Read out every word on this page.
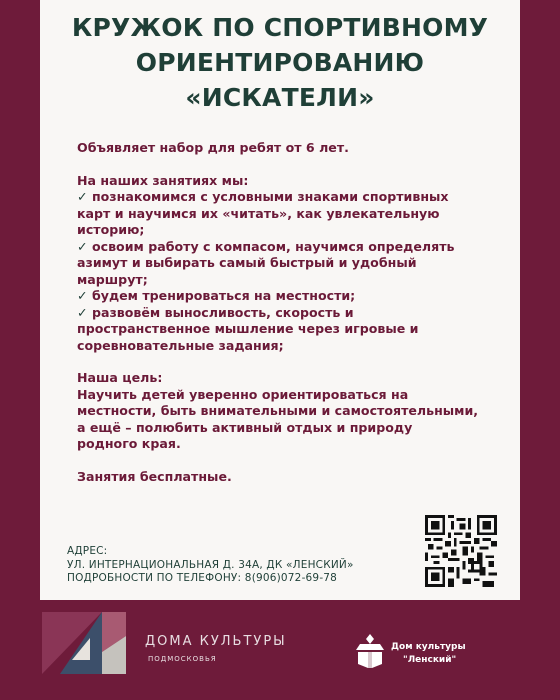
КРУЖОК ПО СПОРТИВНОМУ
ОРИЕНТИРОВАНИЮ
«ИСКАТЕЛИ»

Объявляет набор для ребят от 6 лет.

На наших занятиях мы:
✓ познакомимся с условными знаками спортивных
карт и научимся их «читать», как увлекательную
историю;
✓ освоим работу с компасом, научимся определять
азимут и выбирать самый быстрый и удобный
маршрут;
✓ будем тренироваться на местности;
✓ развовём выносливость, скорость и
пространственное мышление через игровые и
соревновательные задания;
Наша цель:
Научить детей уверенно ориентироваться на
местности, быть внимательными и самостоятельными,
а ещё – полюбить активный отдых и природу
родного края.

Занятия бесплатные.

АДРЕС:
УЛ. ИНТЕРНАЦИОНАЛЬНАЯ Д. 34А, ДК «ЛЕНСКИЙ»
ПОДРОБНОСТИ ПО ТЕЛЕФОНУ: 8(906)072-69-78
ДОМА КУЛЬТУРЫ
ПОДМОСКОВЬЯ
Дом культуры
"Ленский"
